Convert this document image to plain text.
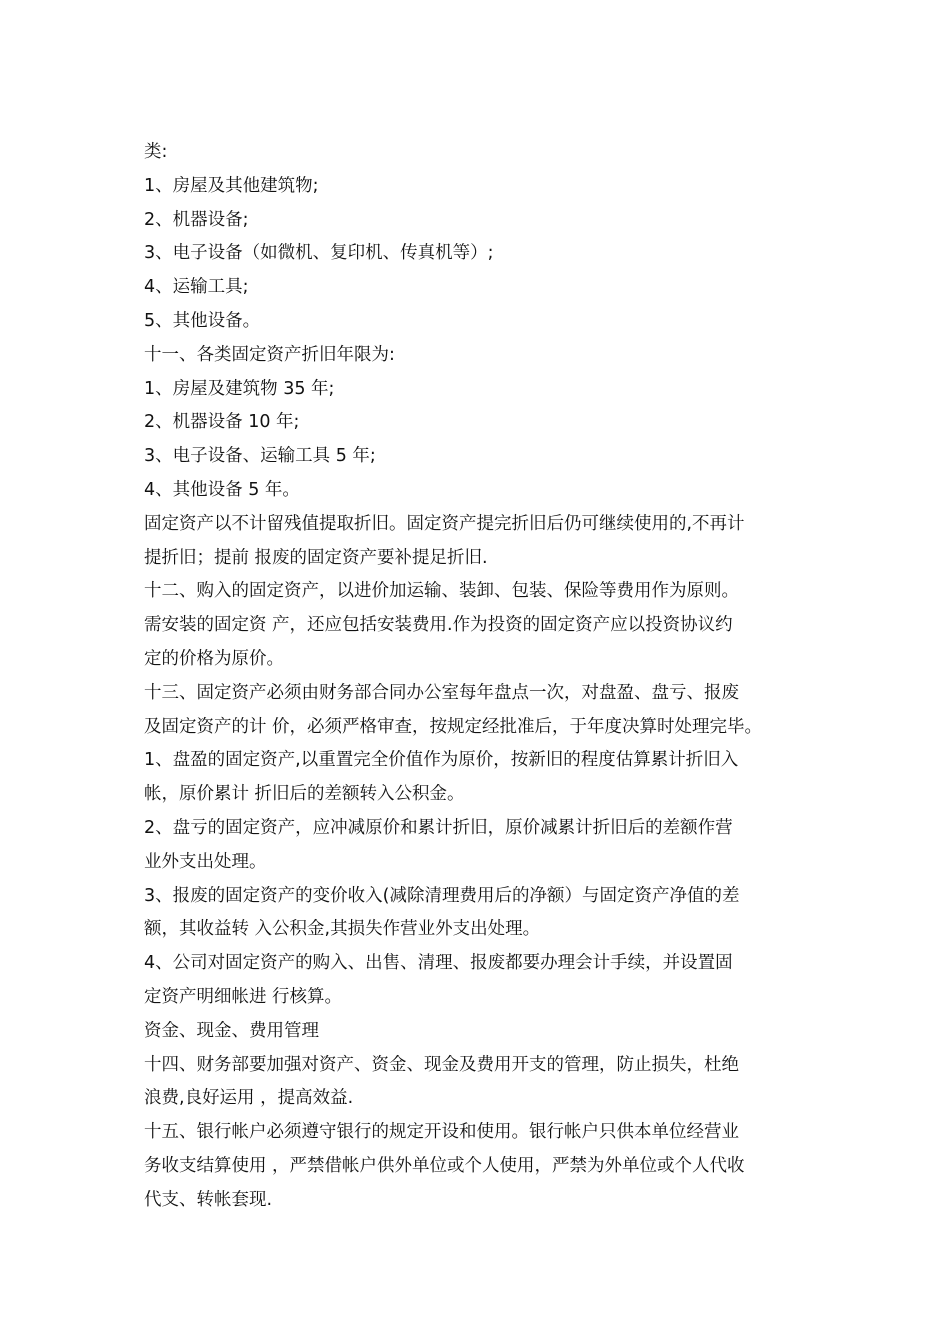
类:
1、房屋及其他建筑物;
2、机器设备;
3、电子设备（如微机、复印机、传真机等）;
4、运输工具;
5、其他设备。
十一、各类固定资产折旧年限为:
1、房屋及建筑物 35 年;
2、机器设备 10 年;
3、电子设备、运输工具 5 年;
4、其他设备 5 年。
固定资产以不计留残值提取折旧。固定资产提完折旧后仍可继续使用的,不再计
提折旧；提前 报废的固定资产要补提足折旧.
十二、购入的固定资产，以进价加运输、装卸、包装、保险等费用作为原则。
需安装的固定资 产，还应包括安装费用.作为投资的固定资产应以投资协议约
定的价格为原价。
十三、固定资产必须由财务部合同办公室每年盘点一次，对盘盈、盘亏、报废
及固定资产的计 价，必须严格审查，按规定经批准后，于年度决算时处理完毕。
1、盘盈的固定资产,以重置完全价值作为原价，按新旧的程度估算累计折旧入
帐，原价累计 折旧后的差额转入公积金。
2、盘亏的固定资产，应冲减原价和累计折旧，原价减累计折旧后的差额作营
业外支出处理。
3、报废的固定资产的变价收入(减除清理费用后的净额）与固定资产净值的差
额，其收益转 入公积金,其损失作营业外支出处理。
4、公司对固定资产的购入、出售、清理、报废都要办理会计手续，并设置固
定资产明细帐进 行核算。
资金、现金、费用管理
十四、财务部要加强对资产、资金、现金及费用开支的管理，防止损失，杜绝
浪费,良好运用 ，提高效益.
十五、银行帐户必须遵守银行的规定开设和使用。银行帐户只供本单位经营业
务收支结算使用 ，严禁借帐户供外单位或个人使用，严禁为外单位或个人代收
代支、转帐套现.
